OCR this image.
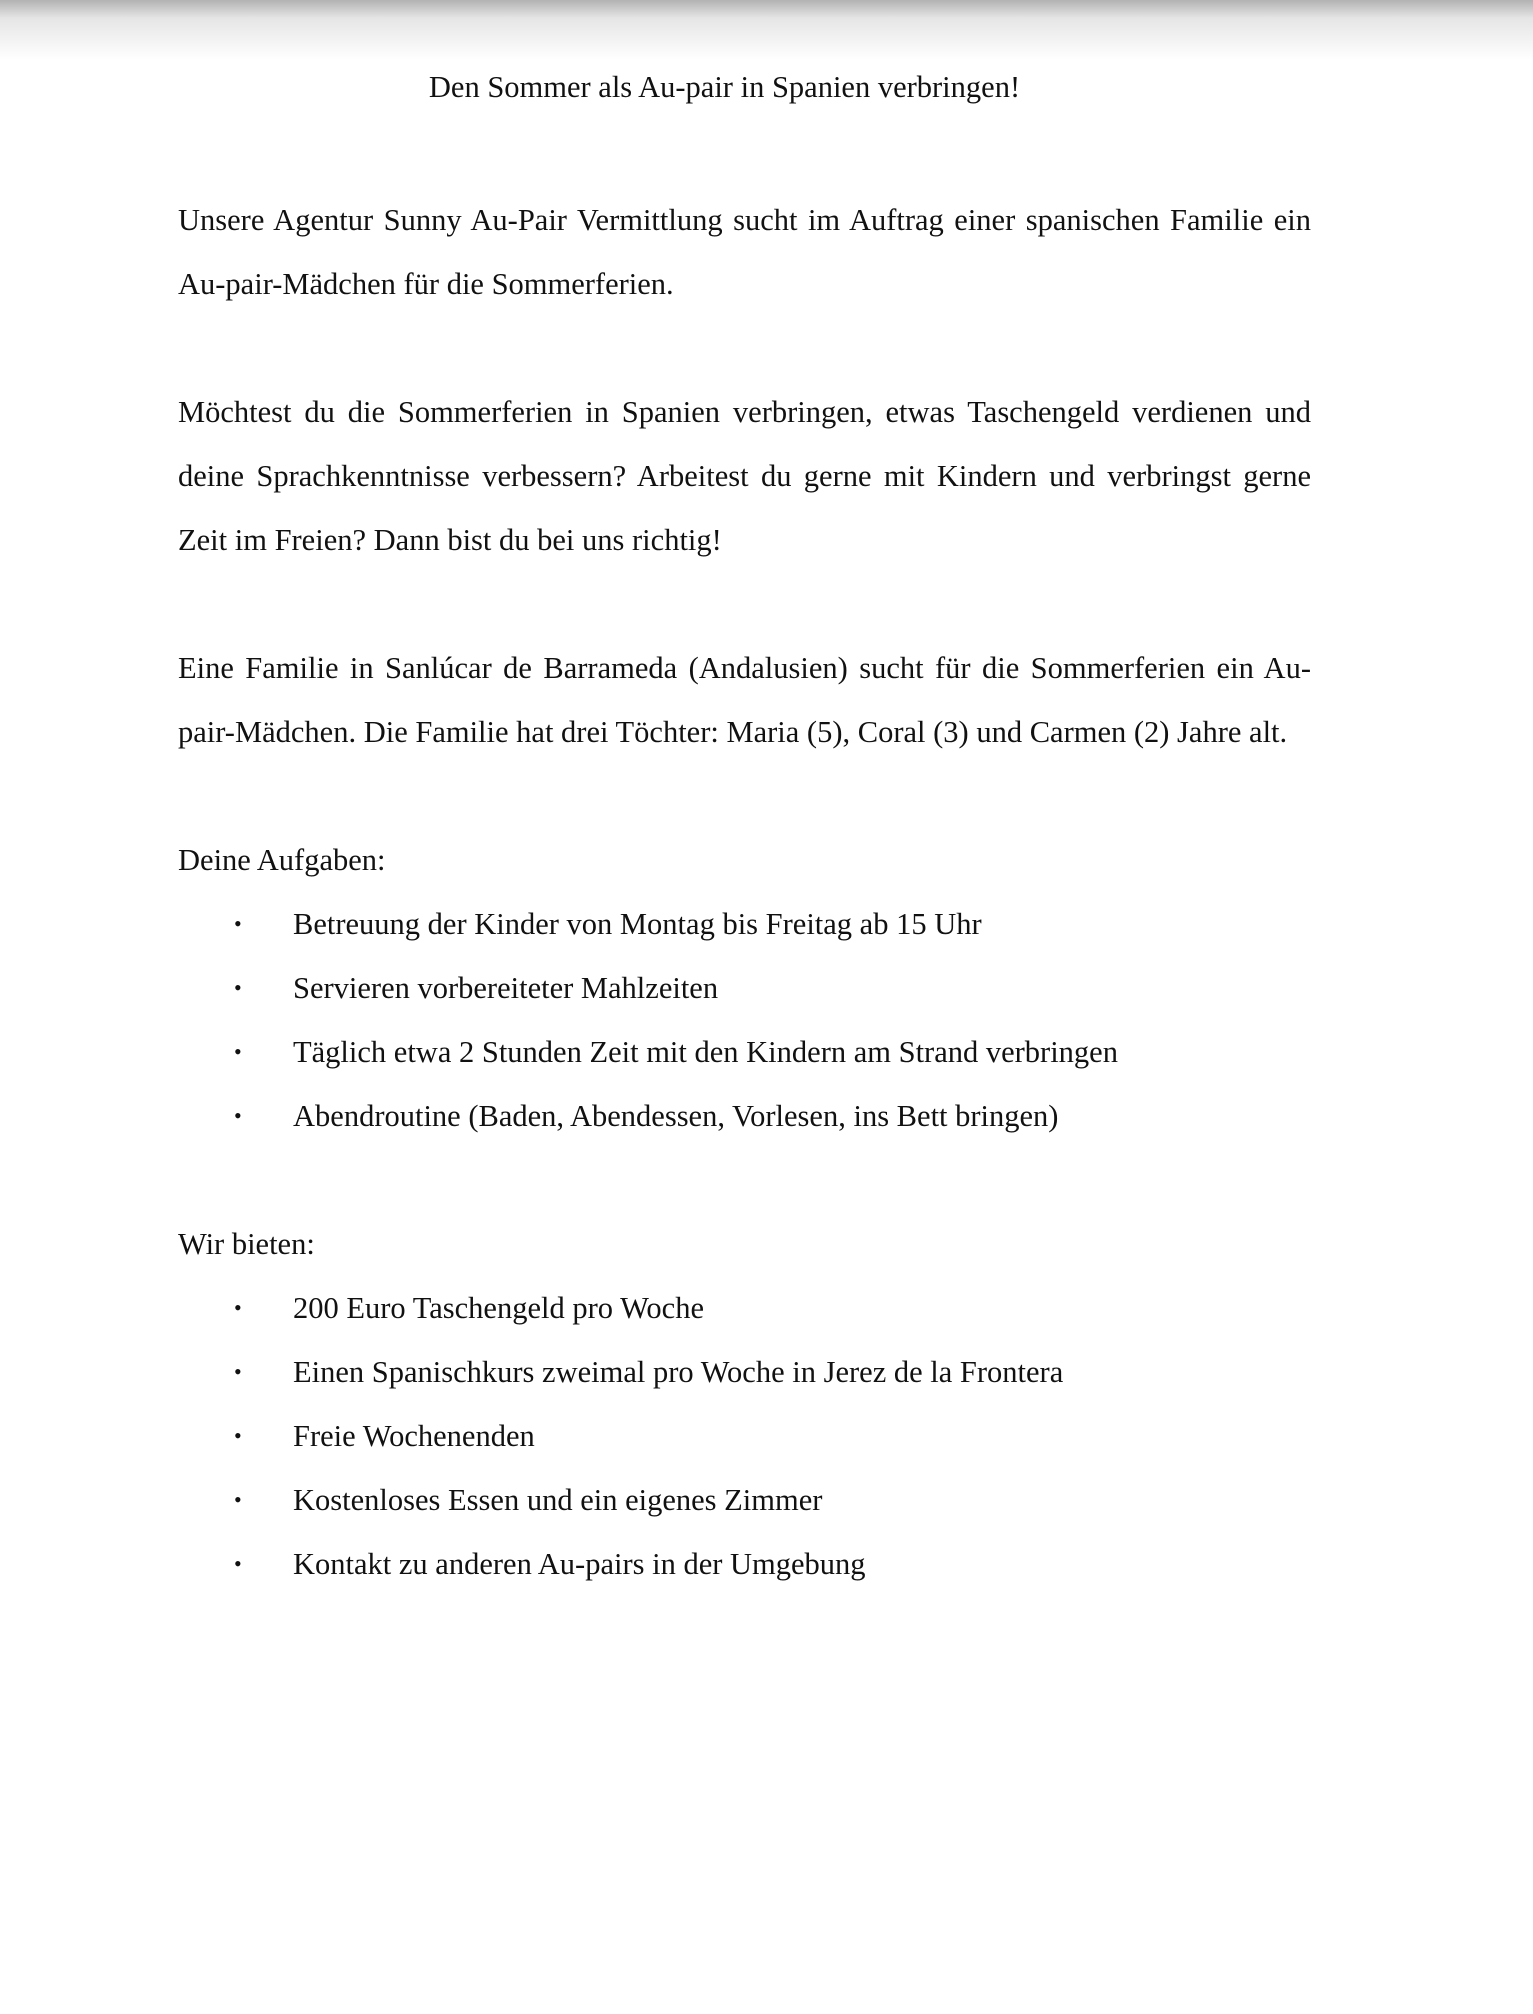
Den Sommer als Au-pair in Spanien verbringen!

Unsere Agentur Sunny Au-Pair Vermittlung sucht im Auftrag einer spanischen Familie ein Au-pair-Mädchen für die Sommerferien.

Möchtest du die Sommerferien in Spanien verbringen, etwas Taschengeld verdienen und deine Sprachkenntnisse verbessern? Arbeitest du gerne mit Kindern und verbringst gerne Zeit im Freien? Dann bist du bei uns richtig!

Eine Familie in Sanlúcar de Barrameda (Andalusien) sucht für die Sommerferien ein Au-pair-Mädchen. Die Familie hat drei Töchter: Maria (5), Coral (3) und Carmen (2) Jahre alt.

Deine Aufgaben:

• Betreuung der Kinder von Montag bis Freitag ab 15 Uhr
• Servieren vorbereiteter Mahlzeiten
• Täglich etwa 2 Stunden Zeit mit den Kindern am Strand verbringen
• Abendroutine (Baden, Abendessen, Vorlesen, ins Bett bringen)

Wir bieten:

• 200 Euro Taschengeld pro Woche
• Einen Spanischkurs zweimal pro Woche in Jerez de la Frontera
• Freie Wochenenden
• Kostenloses Essen und ein eigenes Zimmer
• Kontakt zu anderen Au-pairs in der Umgebung
